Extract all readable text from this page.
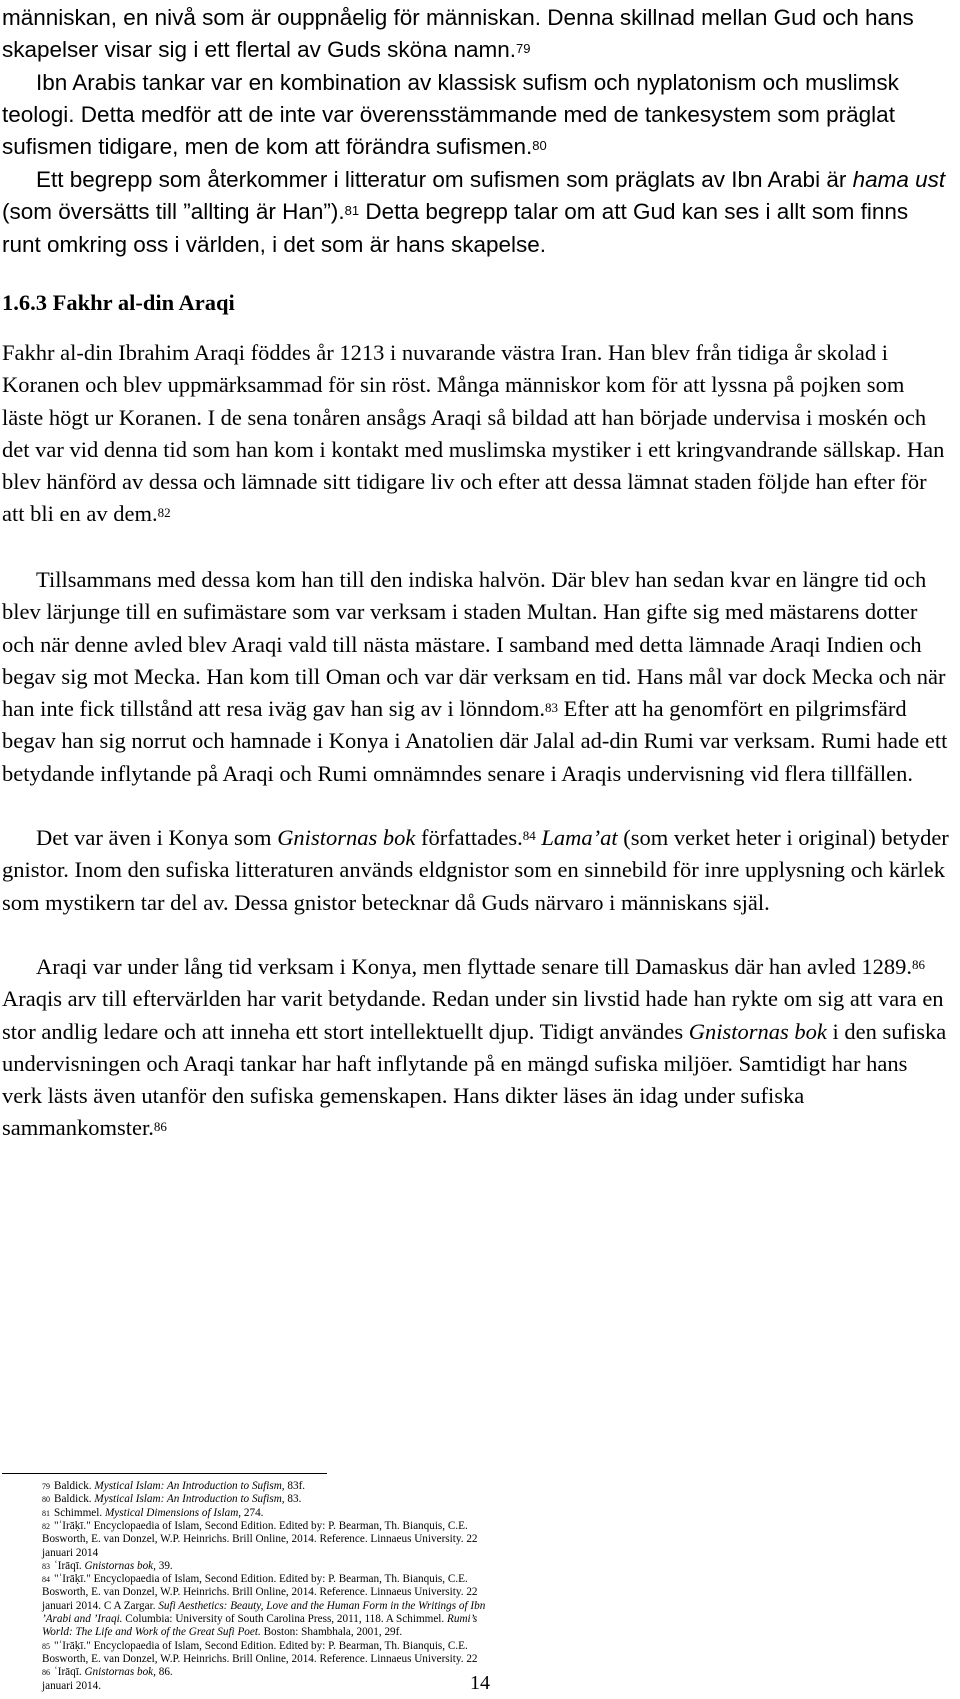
människan, en nivå som är ouppnåelig för människan. Denna skillnad mellan Gud och hans skapelser visar sig i ett flertal av Guds sköna namn.$^{79}$
Ibn Arabis tankar var en kombination av klassisk sufism och nyplatonism och muslimsk teologi. Detta medför att de inte var överensstämmande med de tankesystem som präglat sufismen tidigare, men de kom att förändra sufismen.$^{80}$

Ett begrepp som återkommer i litteratur om sufismen som präglats av Ibn Arabi är hama ust (som översätts till ”allting är Han”).$^{81}$ Detta begrepp talar om att Gud kan ses i allt som finns runt omkring oss i världen, i det som är hans skapelse.

1.6.3 Fakhr al-din Araqi

Fakhr al-din Ibrahim Araqi föddes år 1213 i nuvarande västra Iran. Han blev från tidiga år skolad i Koranen och blev uppmärksammad för sin röst. Många människor kom för att lyssna på pojken som läste högt ur Koranen. I de sena tonåren ansågs Araqi så bildad att han började undervisa i moskén och det var vid denna tid som han kom i kontakt med muslimska mystiker i ett kringvandrande sällskap. Han blev hänförd av dessa och lämnade sitt tidigare liv och efter att dessa lämnat staden följde han efter för att bli en av dem.$^{82}$

Tillsammans med dessa kom han till den indiska halvön. Där blev han sedan kvar en längre tid och blev lärjunge till en sufimästare som var verksam i staden Multan. Han gifte sig med mästarens dotter och när denne avled blev Araqi vald till nästa mästare. I samband med detta lämnade Araqi Indien och begav sig mot Mecka. Han kom till Oman och var där verksam en tid. Hans mål var dock Mecka och när han inte fick tillstånd att resa iväg gav han sig av i lönndom.$^{83}$ Efter att ha genomfört en pilgrimsfärd begav han sig norrut och hamnade i Konya i Anatolien där Jalal ad-din Rumi var verksam. Rumi hade ett betydande inflytande på Araqi och Rumi omnämndes senare i Araqis undervisning vid flera tillfällen.

Det var även i Konya som Gnistornas bok författades.$^{84}$ Lama’at (som verket heter i original) betyder gnistor. Inom den sufiska litteraturen används eldgnistor som en sinnebild för inre upplysning och kärlek som mystikern tar del av. Dessa gnistor betecknar då Guds närvaro i människans själ.

Araqi var under lång tid verksam i Konya, men flyttade senare till Damaskus där han avled 1289.86 Araqis arv till eftervärlden har varit betydande. Redan under sin livstid hade han rykte om sig att vara en stor andlig ledare och att inneha ett stort intellektuellt djup. Tidigt användes Gnistornas bok i den sufiska undervisningen och Araqi tankar har haft inflytande på en mängd sufiska miljöer. Samtidigt har hans verk lästs även utanför den sufiska gemenskapen. Hans dikter läses än idag under sufiska sammankomster.$^{86}$

14
$^{79}$ Baldick. Mystical Islam: An Introduction to Sufism, 83f.
$^{80}$ Baldick. Mystical Islam: An Introduction to Sufism, 83.
$^{81}$ Schimmel. Mystical Dimensions of Islam, 274.
$^{82}$ "ʿIrāḳī." Encyclopaedia of Islam, Second Edition. Edited by: P. Bearman, Th. Bianquis, C.E.
Bosworth, E. van Donzel, W.P. Heinrichs. Brill Online, 2014. Reference. Linnaeus University. 22
januari 2014
$^{83}$ ʿIrāqī. Gnistornas bok, 39.
$^{84}$ "ʿIrāḳī." Encyclopaedia of Islam, Second Edition. Edited by: P. Bearman, Th. Bianquis, C.E.
Bosworth, E. van Donzel, W.P. Heinrichs. Brill Online, 2014. Reference. Linnaeus University. 22
januari 2014. C A Zargar. Sufi Aesthetics: Beauty, Love and the Human Form in the Writings of Ibn
’Arabi and ’Iraqi. Columbia: University of South Carolina Press, 2011, 118. A Schimmel. Rumi’s
World: The Life and Work of the Great Sufi Poet. Boston: Shambhala, 2001, 29f.
$^{85}$ "ʿIrāḳī." Encyclopaedia of Islam, Second Edition. Edited by: P. Bearman, Th. Bianquis, C.E.
Bosworth, E. van Donzel, W.P. Heinrichs. Brill Online, 2014. Reference. Linnaeus University. 22
$^{86}$ ʿIrāqī. Gnistornas bok, 86.
januari 2014.
